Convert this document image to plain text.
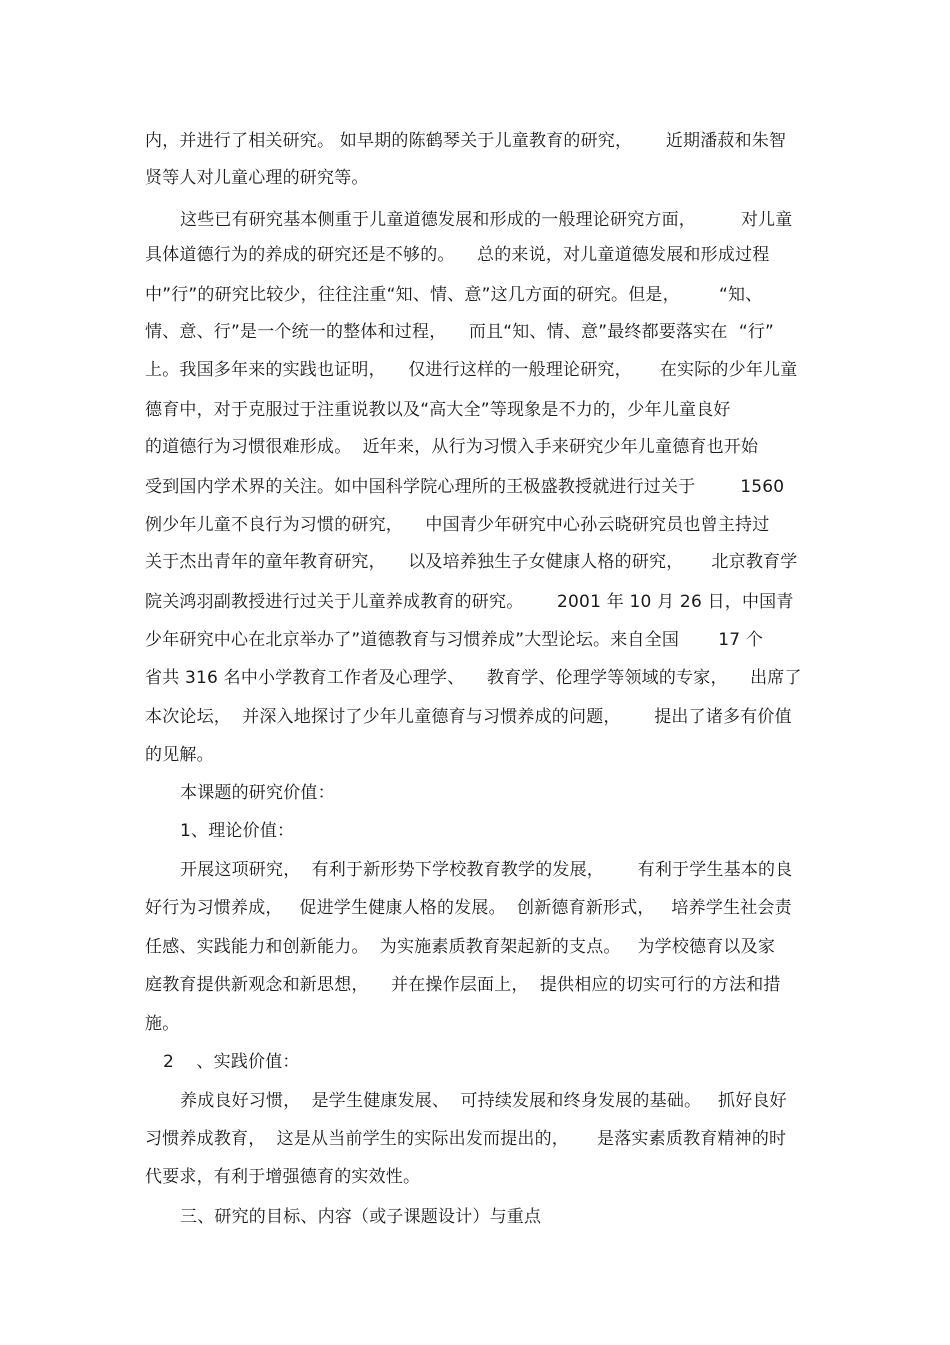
内，并进行了相关研究。 如早期的陈鹤琴关于儿童教育的研究，      近期潘菽和朱智
贤等人对儿童心理的研究等。
这些已有研究基本侧重于儿童道德发展和形成的一般理论研究方面，        对儿童
具体道德行为的养成的研究还是不够的。    总的来说，对儿童道德发展和形成过程
中”行”的研究比较少，往往注重“知、情、意”这几方面的研究。但是，       “知、
情、意、行”是一个统一的整体和过程，    而且“知、情、意”最终都要落实在  “行”
上。我国多年来的实践也证明，    仅进行这样的一般理论研究，     在实际的少年儿童
德育中，对于克服过于注重说教以及“高大全”等现象是不力的，少年儿童良好
的道德行为习惯很难形成。  近年来，从行为习惯入手来研究少年儿童德育也开始
受到国内学术界的关注。如中国科学院心理所的王极盛教授就进行过关于        1560
例少年儿童不良行为习惯的研究，    中国青少年研究中心孙云晓研究员也曾主持过
关于杰出青年的童年教育研究，    以及培养独生子女健康人格的研究，     北京教育学
院关鸿羽副教授进行过关于儿童养成教育的研究。      2001 年 10 月 26 日，中国青
少年研究中心在北京举办了”道德教育与习惯养成”大型论坛。来自全国       17 个
省共 316 名中小学教育工作者及心理学、    教育学、伦理学等领域的专家，    出席了
本次论坛，  并深入地探讨了少年儿童德育与习惯养成的问题，      提出了诸多有价值
的见解。
本课题的研究价值：
1、理论价值：
开展这项研究，  有利于新形势下学校教育教学的发展，      有利于学生基本的良
好行为习惯养成，   促进学生健康人格的发展。  创新德育新形式，   培养学生社会责
任感、实践能力和创新能力。  为实施素质教育架起新的支点。   为学校德育以及家
庭教育提供新观念和新思想，    并在操作层面上，  提供相应的切实可行的方法和措
施。
2    、实践价值：
养成良好习惯，  是学生健康发展、  可持续发展和终身发展的基础。   抓好良好
习惯养成教育，  这是从当前学生的实际出发而提出的，     是落实素质教育精神的时
代要求，有利于增强德育的实效性。
三、研究的目标、内容（或子课题设计）与重点
